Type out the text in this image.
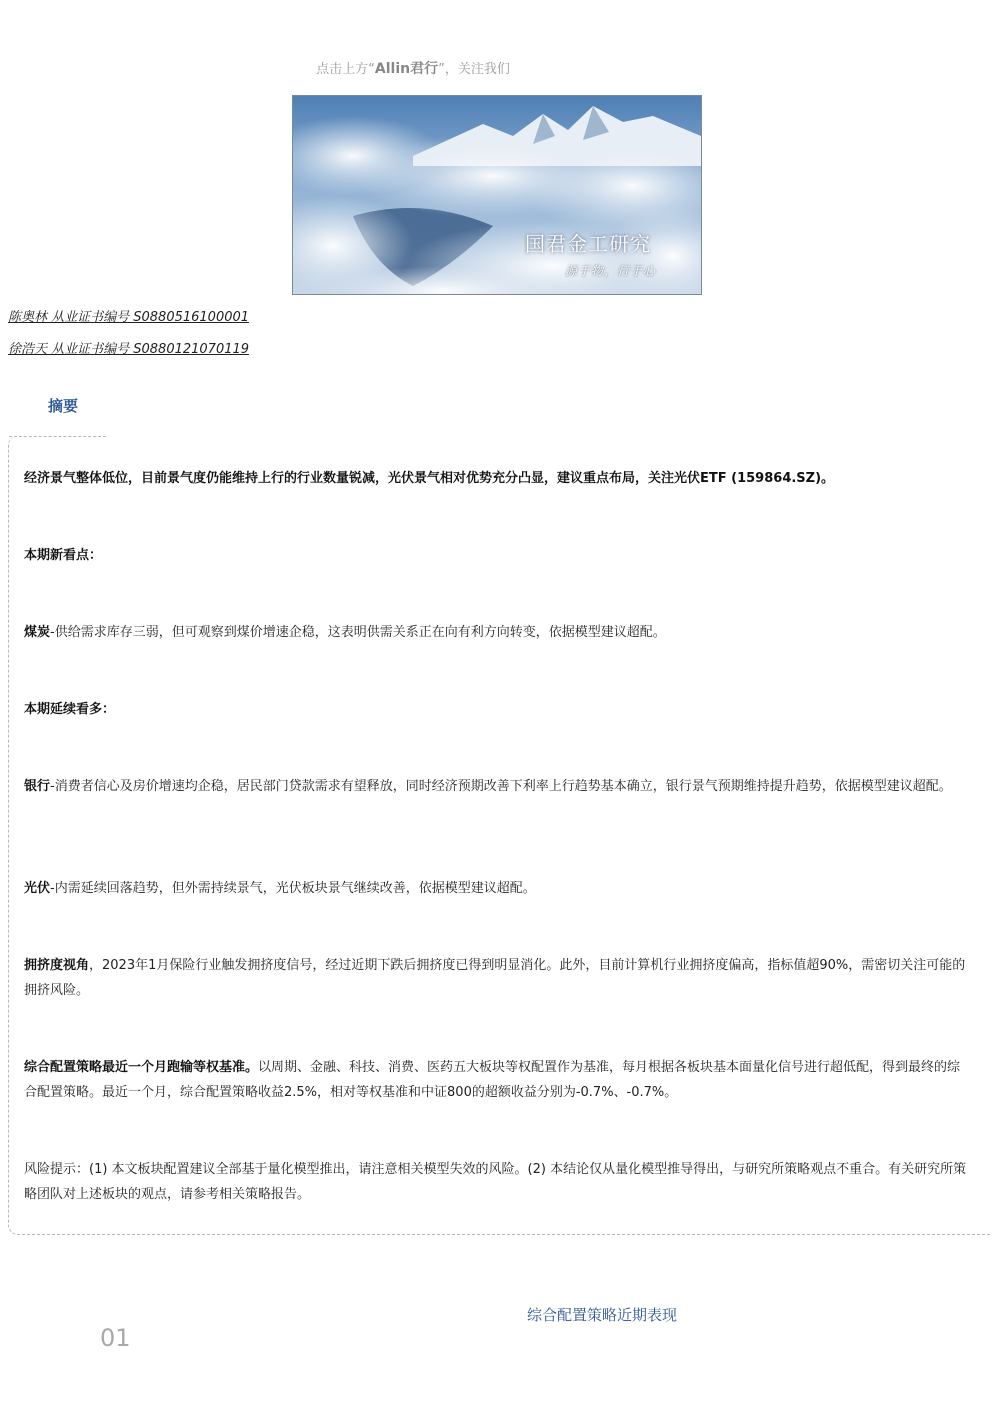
点击上方“Allin君行”，关注我们
国君金工研究
源于物，行于心
陈奥林 从业证书编号 S0880516100001
徐浩天 从业证书编号 S0880121070119
摘要
经济景气整体低位，目前景气度仍能维持上行的行业数量锐减，光伏景气相对优势充分凸显，建议重点布局，关注光伏ETF (159864.SZ)。
本期新看点：
煤炭-供给需求库存三弱，但可观察到煤价增速企稳，这表明供需关系正在向有利方向转变，依据模型建议超配。
本期延续看多：
银行-消费者信心及房价增速均企稳，居民部门贷款需求有望释放，同时经济预期改善下利率上行趋势基本确立，银行景气预期维持提升趋势，依据模型建议超配。
光伏-内需延续回落趋势，但外需持续景气，光伏板块景气继续改善，依据模型建议超配。
拥挤度视角，2023年1月保险行业触发拥挤度信号，经过近期下跌后拥挤度已得到明显消化。此外，目前计算机行业拥挤度偏高，指标值超90%，需密切关注可能的拥挤风险。
综合配置策略最近一个月跑输等权基准。以周期、金融、科技、消费、医药五大板块等权配置作为基准，每月根据各板块基本面量化信号进行超低配，得到最终的综合配置策略。最近一个月，综合配置策略收益2.5%，相对等权基准和中证800的超额收益分别为-0.7%、-0.7%。
风险提示：(1) 本文板块配置建议全部基于量化模型推出，请注意相关模型失效的风险。(2) 本结论仅从量化模型推导得出，与研究所策略观点不重合。有关研究所策略团队对上述板块的观点，请参考相关策略报告。
01
综合配置策略近期表现
